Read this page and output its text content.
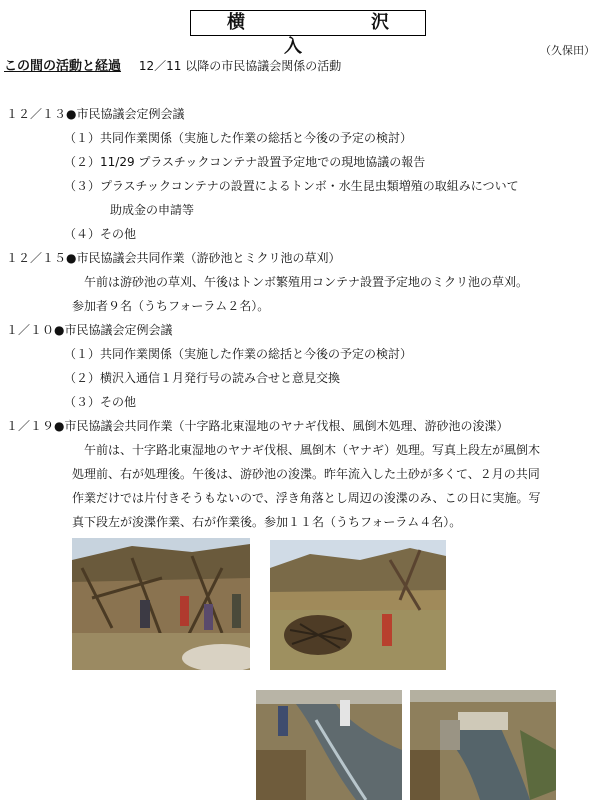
横　　沢　　入	（久保田）
この間の活動と経過 12／11 以降の市民協議会関係の活動
１２／１３●市民協議会定例会議
（１）共同作業関係（実施した作業の総括と今後の予定の検討）
（２）11/29 プラスチックコンテナ設置予定地での現地協議の報告
（３）プラスチックコンテナの設置によるトンボ・水生昆虫類増殖の取組みについて
助成金の申請等
（４）その他
１２／１５●市民協議会共同作業（游砂池とミクリ池の草刈）
午前は游砂池の草刈、午後はトンボ繁殖用コンテナ設置予定地のミクリ池の草刈。
参加者９名（うちフォーラム２名）。
１／１０●市民協議会定例会議
（１）共同作業関係（実施した作業の総括と今後の予定の検討）
（２）横沢入通信１月発行号の読み合せと意見交換
（３）その他
１／１９●市民協議会共同作業（十字路北東湿地のヤナギ伐根、風倒木処理、游砂池の浚渫）
午前は、十字路北東湿地のヤナギ伐根、風倒木（ヤナギ）処理。写真上段左が風倒木
処理前、右が処理後。午後は、游砂池の浚渫。昨年流入した土砂が多くて、２月の共同
作業だけでは片付きそうもないので、浮き角落とし周辺の浚渫のみ、この日に実施。写
真下段左が浚渫作業、右が作業後。参加１１名（うちフォーラム４名）。
